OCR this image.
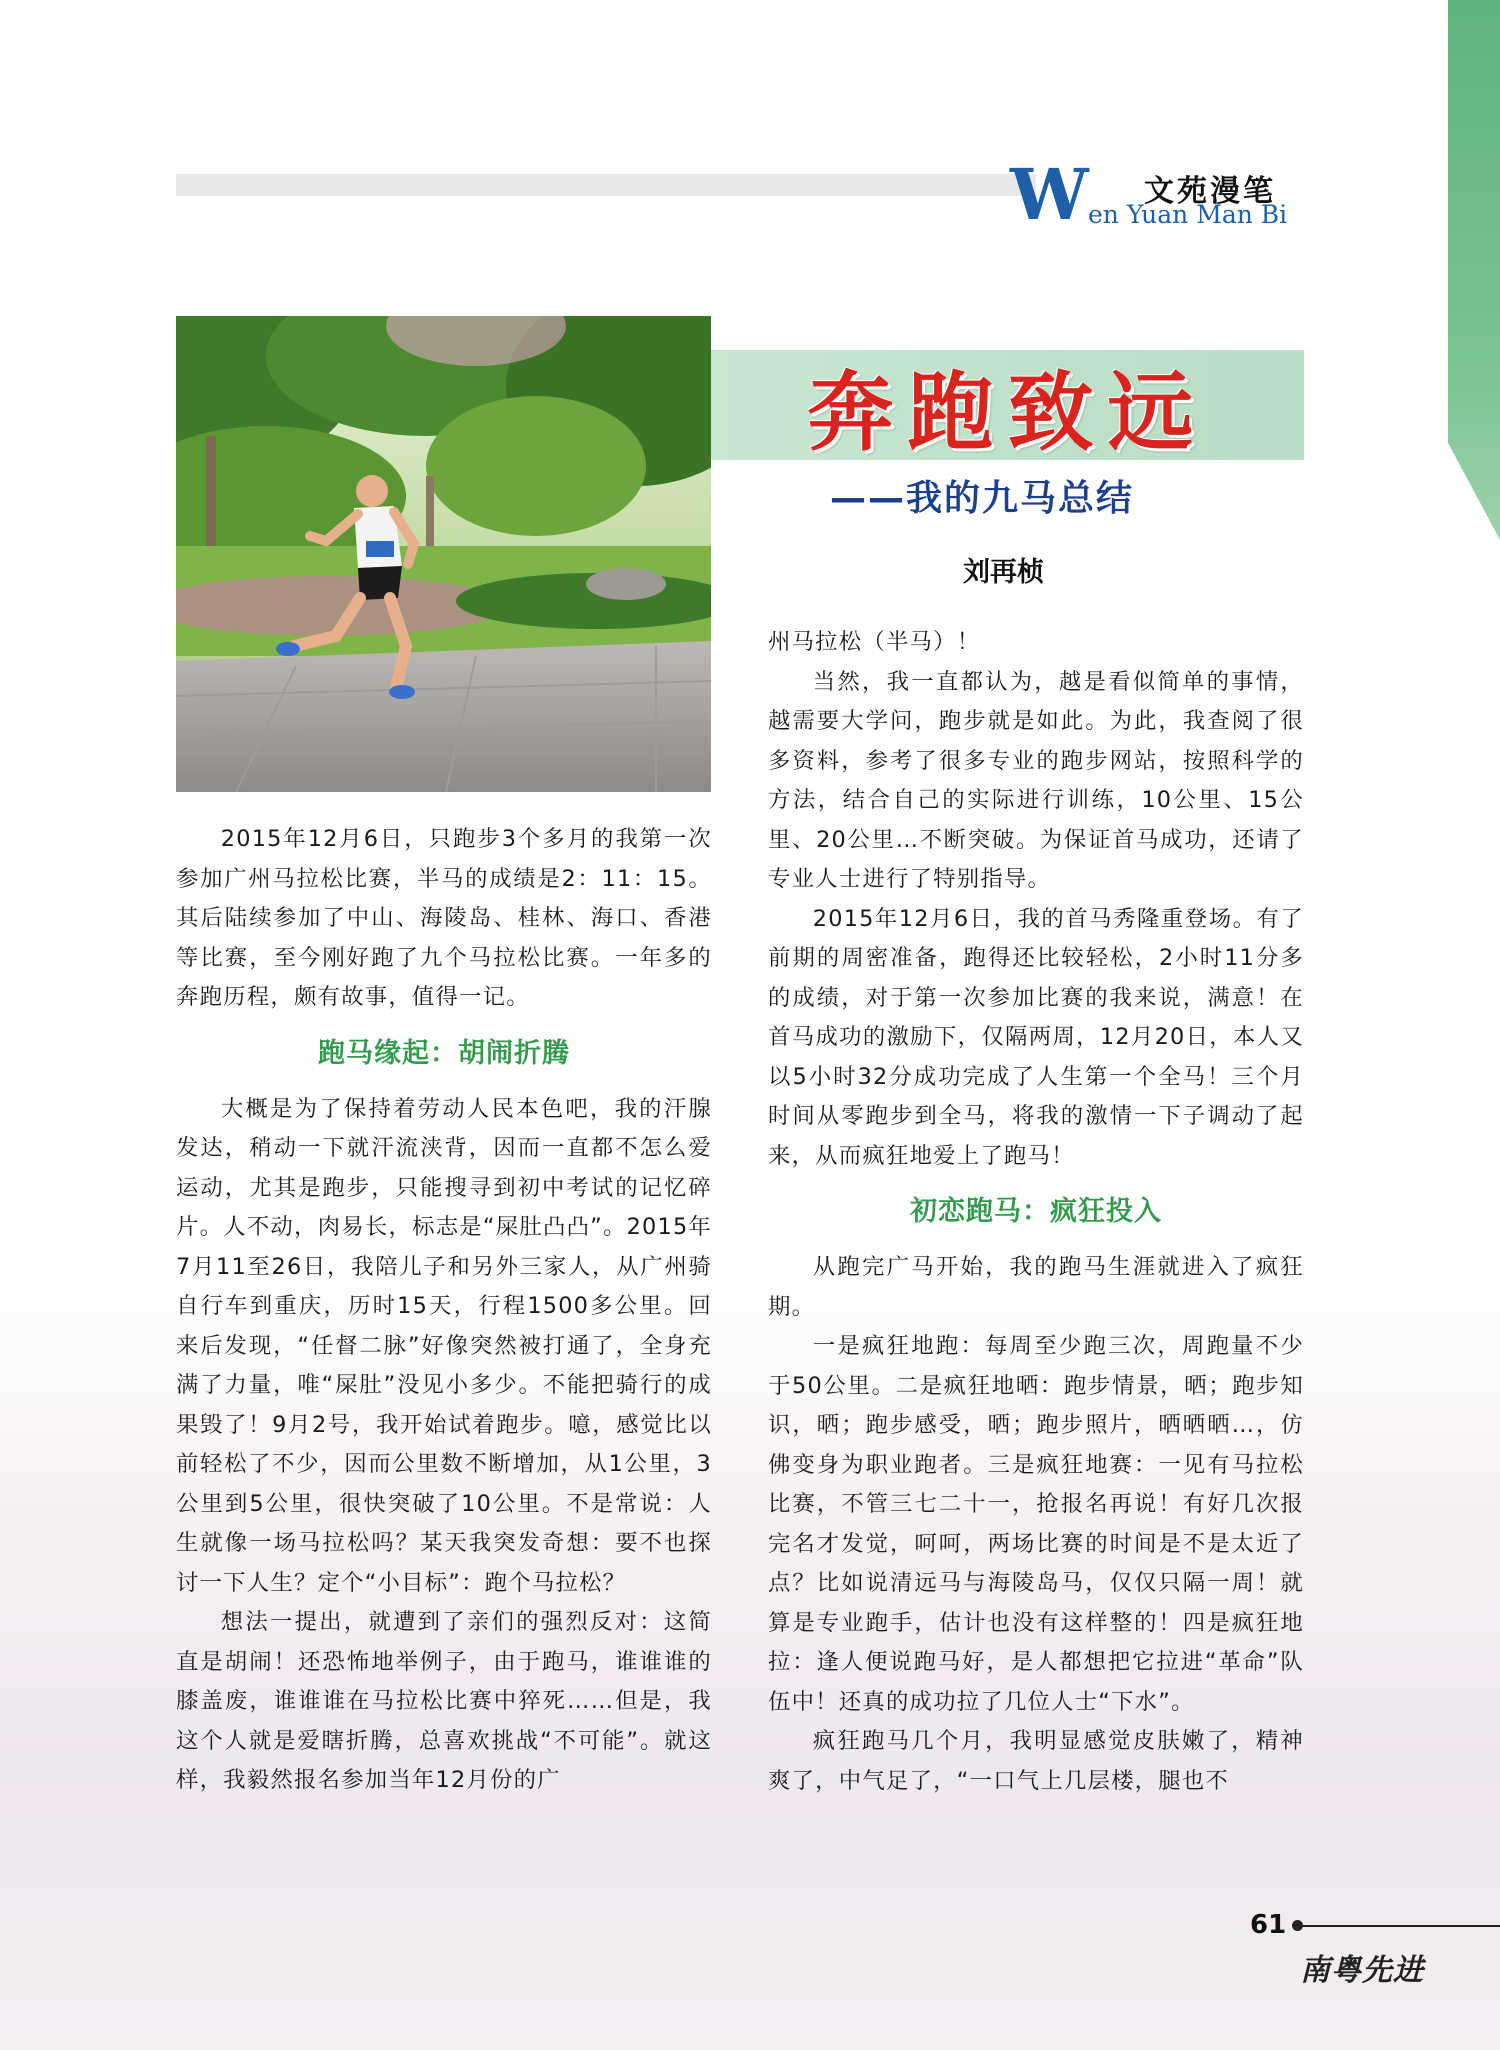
W 文苑漫笔
en Yuan Man Bi
奔跑致远
——我的九马总结
刘再桢

2015年12月6日，只跑步3个多月的我第一次参加广州马拉松比赛，半马的成绩是2：11：15。其后陆续参加了中山、海陵岛、桂林、海口、香港等比赛，至今刚好跑了九个马拉松比赛。一年多的奔跑历程，颇有故事，值得一记。

跑马缘起：胡闹折腾

大概是为了保持着劳动人民本色吧，我的汗腺发达，稍动一下就汗流浃背，因而一直都不怎么爱运动，尤其是跑步，只能搜寻到初中考试的记忆碎片。人不动，肉易长，标志是“屎肚凸凸”。2015年7月11至26日，我陪儿子和另外三家人，从广州骑自行车到重庆，历时15天，行程1500多公里。回来后发现，“任督二脉”好像突然被打通了，全身充满了力量，唯“屎肚”没见小多少。不能把骑行的成果毁了！9月2号，我开始试着跑步。噫，感觉比以前轻松了不少，因而公里数不断增加，从1公里，3公里到5公里，很快突破了10公里。不是常说：人生就像一场马拉松吗？某天我突发奇想：要不也探讨一下人生？定个“小目标”：跑个马拉松？

想法一提出，就遭到了亲们的强烈反对：这简直是胡闹！还恐怖地举例子，由于跑马，谁谁谁的膝盖废，谁谁谁在马拉松比赛中猝死……但是，我这个人就是爱瞎折腾，总喜欢挑战“不可能”。就这样，我毅然报名参加当年12月份的广

州马拉松（半马）！

当然，我一直都认为，越是看似简单的事情，越需要大学问，跑步就是如此。为此，我查阅了很多资料，参考了很多专业的跑步网站，按照科学的方法，结合自己的实际进行训练，10公里、15公里、20公里…不断突破。为保证首马成功，还请了专业人士进行了特别指导。

2015年12月6日，我的首马秀隆重登场。有了前期的周密准备，跑得还比较轻松，2小时11分多的成绩，对于第一次参加比赛的我来说，满意！在首马成功的激励下，仅隔两周，12月20日，本人又以5小时32分成功完成了人生第一个全马！三个月时间从零跑步到全马，将我的激情一下子调动了起来，从而疯狂地爱上了跑马！

初恋跑马：疯狂投入

从跑完广马开始，我的跑马生涯就进入了疯狂期。

一是疯狂地跑：每周至少跑三次，周跑量不少于50公里。二是疯狂地晒：跑步情景，晒；跑步知识，晒；跑步感受，晒；跑步照片，晒晒晒…，仿佛变身为职业跑者。三是疯狂地赛：一见有马拉松比赛，不管三七二十一，抢报名再说！有好几次报完名才发觉，呵呵，两场比赛的时间是不是太近了点？比如说清远马与海陵岛马，仅仅只隔一周！就算是专业跑手，估计也没有这样整的！四是疯狂地拉：逢人便说跑马好，是人都想把它拉进“革命”队伍中！还真的成功拉了几位人士“下水”。

疯狂跑马几个月，我明显感觉皮肤嫩了，精神爽了，中气足了，“一口气上几层楼，腿也不

61
南粤先进
